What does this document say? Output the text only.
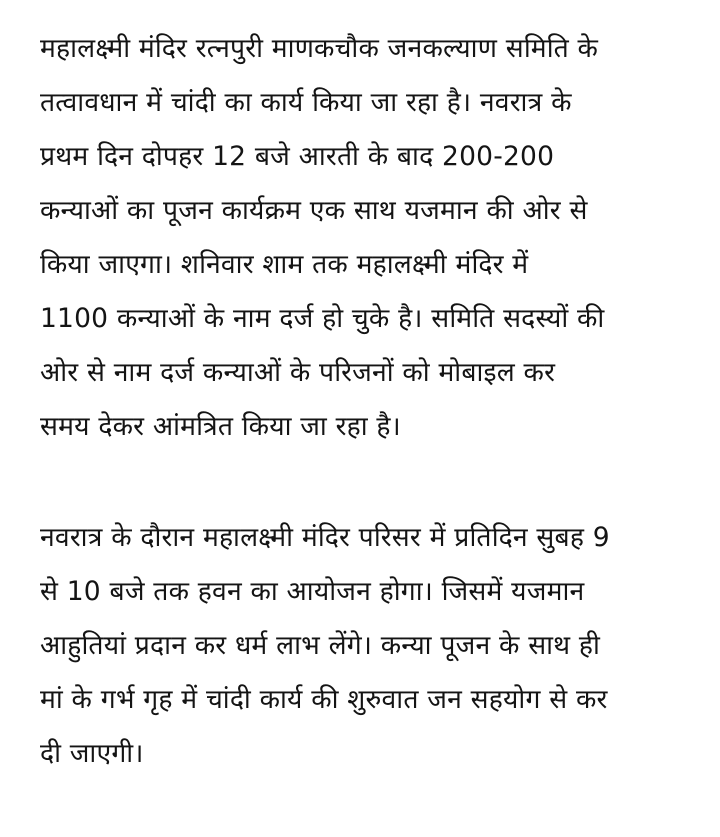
महालक्ष्मी मंदिर रत्नपुरी माणकचौक जनकल्याण समिति के
तत्वावधान में चांदी का कार्य किया जा रहा है। नवरात्र के
प्रथम दिन दोपहर 12 बजे आरती के बाद 200-200
कन्याओं का पूजन कार्यक्रम एक साथ यजमान की ओर से
किया जाएगा। शनिवार शाम तक महालक्ष्मी मंदिर में
1100 कन्याओं के नाम दर्ज हो चुके है। समिति सदस्यों की
ओर से नाम दर्ज कन्याओं के परिजनों को मोबाइल कर
समय देकर आंमत्रित किया जा रहा है।

नवरात्र के दौरान महालक्ष्मी मंदिर परिसर में प्रतिदिन सुबह 9
से 10 बजे तक हवन का आयोजन होगा। जिसमें यजमान
आहुतियां प्रदान कर धर्म लाभ लेंगे। कन्या पूजन के साथ ही
मां के गर्भ गृह में चांदी कार्य की शुरुवात जन सहयोग से कर
दी जाएगी।
